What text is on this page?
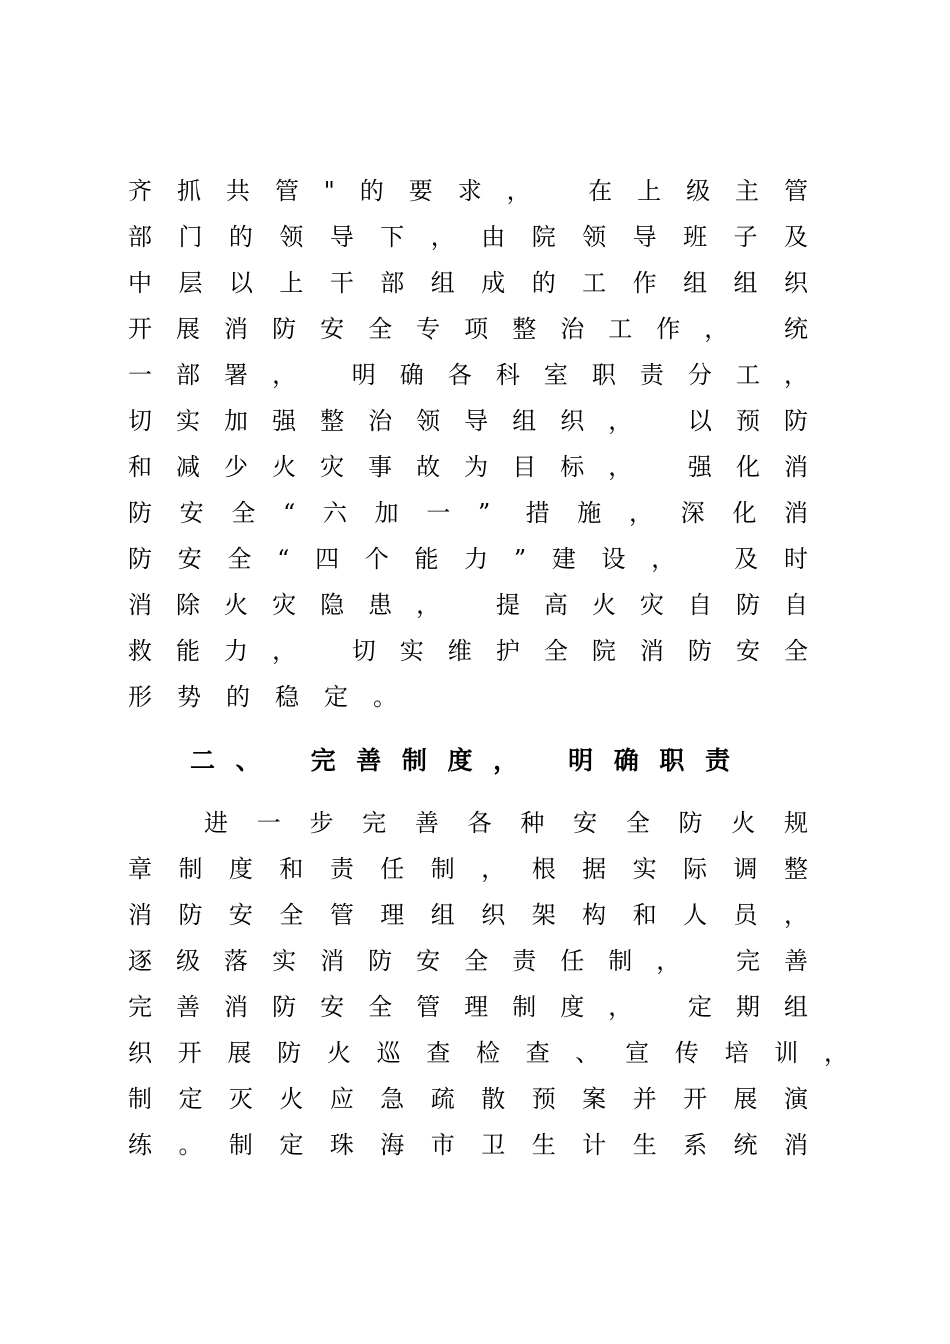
齐抓共管"的要求， 在上级主管
部门的领导下，由院领导班子及
中层以上干部组成的工作组组织
开展消防安全专项整治工作， 统
一部署， 明确各科室职责分工，
切实加强整治领导组织， 以预防
和减少火灾事故为目标， 强化消
防安全“六加一” 措施，深化消
防安全“四个能力”建设， 及时
消除火灾隐患， 提高火灾自防自
救能力， 切实维护全院消防安全
形势的稳定。
二、 完善制度， 明确职责
进一步完善各种安全防火规
章制度和责任制，根据实际调整
消防安全管理组织架构和人员，
逐级落实消防安全责任制， 完善
完善消防安全管理制度， 定期组
织开展防火巡查检查、宣传培训，
制定灭火应急疏散预案并开展演
练。制定珠海市卫生计生系统消
